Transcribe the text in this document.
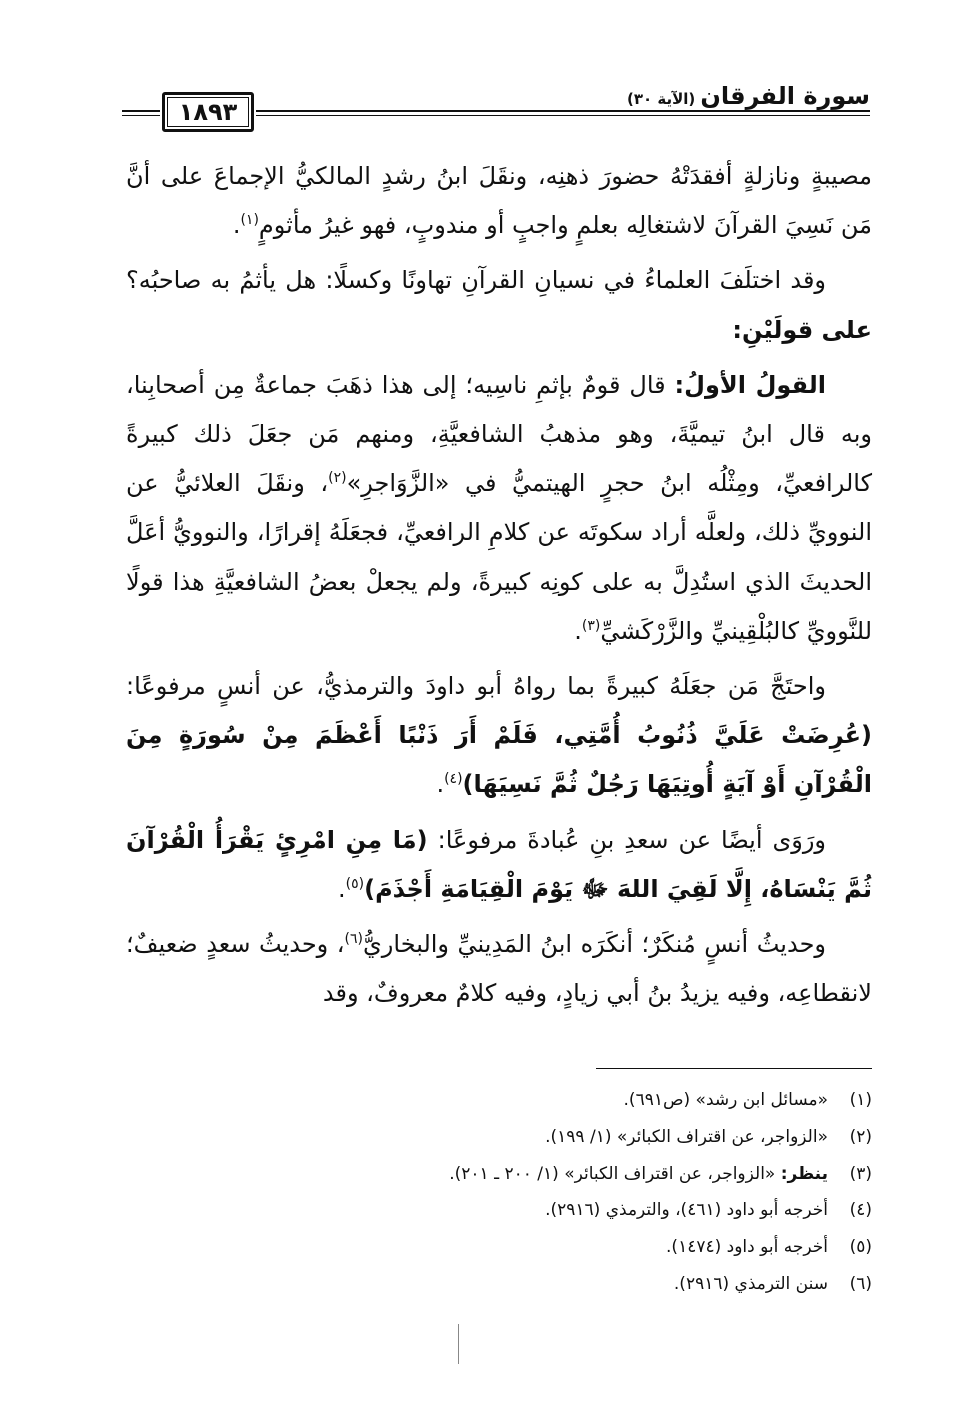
١٨٩٣
سورة الفرقان (الآية ٣٠)

مصيبةٍ ونازلةٍ أفقدَتْهُ حضورَ ذهنِه، ونقَلَ ابنُ رشدٍ المالكيُّ الإجماعَ على أنَّ مَن نَسِيَ القرآنَ لاشتغالِه بعلمٍ واجبٍ أو مندوبٍ، فهو غيرُ مأثومٍ$^{(١)}$.

وقد اختلَفَ العلماءُ في نسيانِ القرآنِ تهاونًا وكسلًا: هل يأثمُ به صاحبُه؟ على قولَيْنِ:

القولُ الأولُ: قال قومٌ بإثمِ ناسِيه؛ إلى هذا ذهَبَ جماعةٌ مِن أصحابِنا، وبه قال ابنُ تيميَّةَ، وهو مذهبُ الشافعيَّةِ، ومنهم مَن جعَلَ ذلك كبيرةً كالرافعيِّ، ومِثْلُه ابنُ حجرٍ الهيتميُّ في «الزَّوَاجرِ»$^{(٢)}$، ونقَلَ العلائيُّ عن النوويِّ ذلك، ولعلَّه أراد سكوتَه عن كلامِ الرافعيِّ، فجعَلَهُ إقرارًا، والنوويُّ أعَلَّ الحديثَ الذي استُدِلَّ به على كونِه كبيرةً، ولم يجعلْ بعضُ الشافعيَّةِ هذا قولًا للنَّوويِّ كالبُلْقِينيِّ والزَّرْكَشيِّ$^{(٣)}$.

واحتَجَّ مَن جعَلَهُ كبيرةً بما رواهُ أبو داودَ والترمذيُّ، عن أنسٍ مرفوعًا: (عُرِضَتْ عَلَيَّ ذُنُوبُ أُمَّتِي، فَلَمْ أَرَ ذَنْبًا أَعْظَمَ مِنْ سُورَةٍ مِنَ الْقُرْآنِ أَوْ آيَةٍ أُوتِيَهَا رَجُلٌ ثُمَّ نَسِيَهَا)$^{(٤)}$.

ورَوَى أيضًا عن سعدِ بنِ عُبادةَ مرفوعًا: (مَا مِنِ امْرِئٍ يَقْرَأُ الْقُرْآنَ ثُمَّ يَنْسَاهُ، إِلَّا لَقِيَ اللهَ ﷻ يَوْمَ الْقِيَامَةِ أَجْذَمَ)$^{(٥)}$.

وحديثُ أنسٍ مُنكَرٌ؛ أنكَرَه ابنُ المَدِينيِّ والبخاريُّ$^{(٦)}$، وحديثُ سعدٍ ضعيفٌ؛ لانقطاعِه، وفيه يزيدُ بنُ أبي زيادٍ، وفيه كلامٌ معروفٌ، وقد

(١)«مسائل ابن رشد» (ص٦٩١).
(٢)«الزواجر، عن اقتراف الكبائر» (١/ ١٩٩).
(٣)ينظر: «الزواجر، عن اقتراف الكبائر» (١/ ٢٠٠ ـ ٢٠١).
(٤)أخرجه أبو داود (٤٦١)، والترمذي (٢٩١٦).
(٥)أخرجه أبو داود (١٤٧٤).
(٦)سنن الترمذي (٢٩١٦).
